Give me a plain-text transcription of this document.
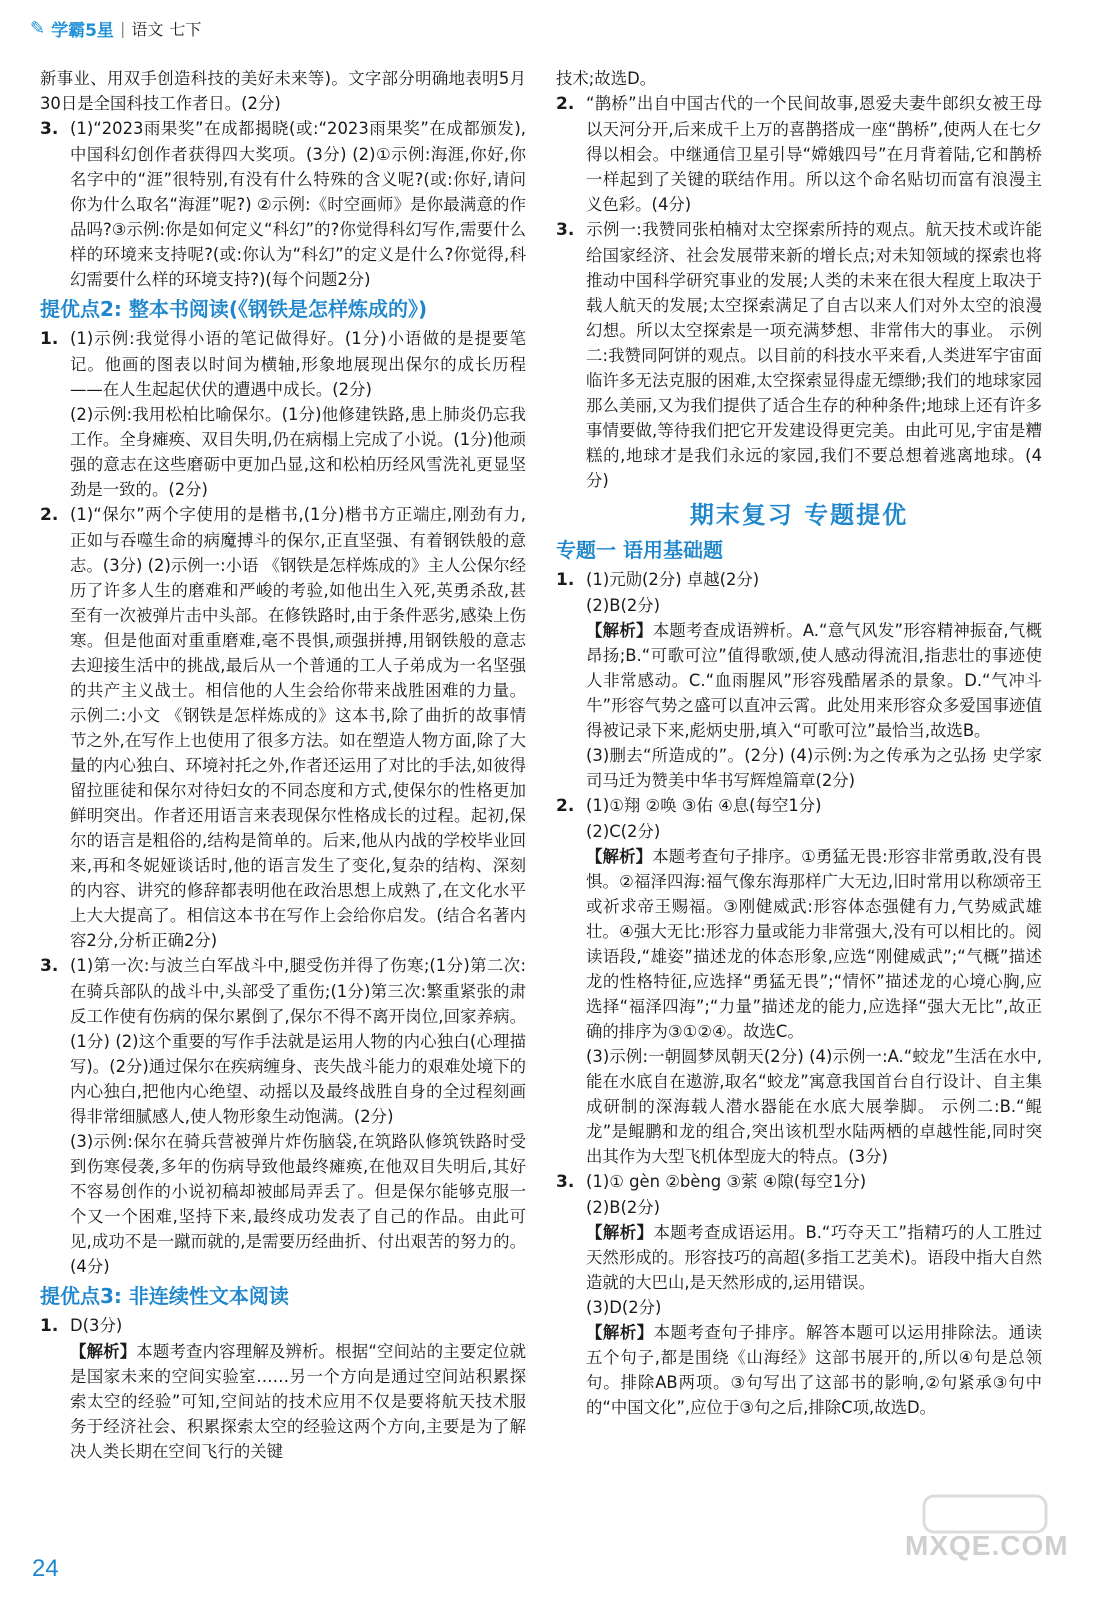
✎ 学霸5星 | 语文 七下

新事业、用双手创造科技的美好未来等)。文字部分明确地表明5月30日是全国科技工作者日。(2分)

3. (1)“2023雨果奖”在成都揭晓(或:“2023雨果奖”在成都颁发),中国科幻创作者获得四大奖项。(3分) (2)①示例:海涯,你好,你名字中的“涯”很特别,有没有什么特殊的含义呢?(或:你好,请问你为什么取名“海涯”呢?) ②示例:《时空画师》是你最满意的作品吗?③示例:你是如何定义“科幻”的?你觉得科幻写作,需要什么样的环境来支持呢?(或:你认为“科幻”的定义是什么?你觉得,科幻需要什么样的环境支持?)(每个问题2分)

提优点2: 整本书阅读(《钢铁是怎样炼成的》)

1. (1)示例:我觉得小语的笔记做得好。(1分)小语做的是提要笔记。他画的图表以时间为横轴,形象地展现出保尔的成长历程——在人生起起伏伏的遭遇中成长。(2分)

(2)示例:我用松柏比喻保尔。(1分)他修建铁路,患上肺炎仍忘我工作。全身瘫痪、双目失明,仍在病榻上完成了小说。(1分)他顽强的意志在这些磨砺中更加凸显,这和松柏历经风雪洗礼更显坚劲是一致的。(2分)

2. (1)“保尔”两个字使用的是楷书,(1分)楷书方正端庄,刚劲有力,正如与吞噬生命的病魔搏斗的保尔,正直坚强、有着钢铁般的意志。(3分) (2)示例一:小语 《钢铁是怎样炼成的》主人公保尔经历了许多人生的磨难和严峻的考验,如他出生入死,英勇杀敌,甚至有一次被弹片击中头部。在修铁路时,由于条件恶劣,感染上伤寒。但是他面对重重磨难,毫不畏惧,顽强拼搏,用钢铁般的意志去迎接生活中的挑战,最后从一个普通的工人子弟成为一名坚强的共产主义战士。相信他的人生会给你带来战胜困难的力量。 示例二:小文 《钢铁是怎样炼成的》这本书,除了曲折的故事情节之外,在写作上也使用了很多方法。如在塑造人物方面,除了大量的内心独白、环境衬托之外,作者还运用了对比的手法,如彼得留拉匪徒和保尔对待妇女的不同态度和方式,使保尔的性格更加鲜明突出。作者还用语言来表现保尔性格成长的过程。起初,保尔的语言是粗俗的,结构是简单的。后来,他从内战的学校毕业回来,再和冬妮娅谈话时,他的语言发生了变化,复杂的结构、深刻的内容、讲究的修辞都表明他在政治思想上成熟了,在文化水平上大大提高了。相信这本书在写作上会给你启发。(结合名著内容2分,分析正确2分)

3. (1)第一次:与波兰白军战斗中,腿受伤并得了伤寒;(1分)第二次:在骑兵部队的战斗中,头部受了重伤;(1分)第三次:繁重紧张的肃反工作使有伤病的保尔累倒了,保尔不得不离开岗位,回家养病。(1分) (2)这个重要的写作手法就是运用人物的内心独白(心理描写)。(2分)通过保尔在疾病缠身、丧失战斗能力的艰难处境下的内心独白,把他内心绝望、动摇以及最终战胜自身的全过程刻画得非常细腻感人,使人物形象生动饱满。(2分)

(3)示例:保尔在骑兵营被弹片炸伤脑袋,在筑路队修筑铁路时受到伤寒侵袭,多年的伤病导致他最终瘫痪,在他双目失明后,其好不容易创作的小说初稿却被邮局弄丢了。但是保尔能够克服一个又一个困难,坚持下来,最终成功发表了自己的作品。由此可见,成功不是一蹴而就的,是需要历经曲折、付出艰苦的努力的。(4分)

提优点3: 非连续性文本阅读

1. D(3分)

【解析】本题考查内容理解及辨析。根据“空间站的主要定位就是国家未来的空间实验室……另一个方向是通过空间站积累探索太空的经验”可知,空间站的技术应用不仅是要将航天技术服务于经济社会、积累探索太空的经验这两个方向,主要是为了解决人类长期在空间飞行的关键

技术;故选D。

2. “鹊桥”出自中国古代的一个民间故事,恩爱夫妻牛郎织女被王母以天河分开,后来成千上万的喜鹊搭成一座“鹊桥”,使两人在七夕得以相会。中继通信卫星引导“嫦娥四号”在月背着陆,它和鹊桥一样起到了关键的联结作用。所以这个命名贴切而富有浪漫主义色彩。(4分)

3. 示例一:我赞同张柏楠对太空探索所持的观点。航天技术或许能给国家经济、社会发展带来新的增长点;对未知领域的探索也将推动中国科学研究事业的发展;人类的未来在很大程度上取决于载人航天的发展;太空探索满足了自古以来人们对外太空的浪漫幻想。所以太空探索是一项充满梦想、非常伟大的事业。 示例二:我赞同阿饼的观点。以目前的科技水平来看,人类进军宇宙面临许多无法克服的困难,太空探索显得虚无缥缈;我们的地球家园那么美丽,又为我们提供了适合生存的种种条件;地球上还有许多事情要做,等待我们把它开发建设得更完美。由此可见,宇宙是糟糕的,地球才是我们永远的家园,我们不要总想着逃离地球。(4分)

期末复习 专题提优

专题一 语用基础题

1. (1)元勋(2分) 卓越(2分)

(2)B(2分)

【解析】本题考查成语辨析。A.“意气风发”形容精神振奋,气概昂扬;B.“可歌可泣”值得歌颂,使人感动得流泪,指悲壮的事迹使人非常感动。C.“血雨腥风”形容残酷屠杀的景象。D.“气冲斗牛”形容气势之盛可以直冲云霄。此处用来形容众多爱国事迹值得被记录下来,彪炳史册,填入“可歌可泣”最恰当,故选B。

(3)删去“所造成的”。(2分) (4)示例:为之传承为之弘扬 史学家司马迁为赞美中华书写辉煌篇章(2分)

2. (1)①翔 ②唤 ③佑 ④息(每空1分)

(2)C(2分)

【解析】本题考查句子排序。①勇猛无畏:形容非常勇敢,没有畏惧。②福泽四海:福气像东海那样广大无边,旧时常用以称颂帝王或祈求帝王赐福。③刚健威武:形容体态强健有力,气势威武雄壮。④强大无比:形容力量或能力非常强大,没有可以相比的。阅读语段,“雄姿”描述龙的体态形象,应选“刚健威武”;“气概”描述龙的性格特征,应选择“勇猛无畏”;“情怀”描述龙的心境心胸,应选择“福泽四海”;“力量”描述龙的能力,应选择“强大无比”,故正确的排序为③①②④。故选C。

(3)示例:一朝圆梦凤朝天(2分) (4)示例一:A.“蛟龙”生活在水中,能在水底自在遨游,取名“蛟龙”寓意我国首台自行设计、自主集成研制的深海载人潜水器能在水底大展拳脚。 示例二:B.“鲲龙”是鲲鹏和龙的组合,突出该机型水陆两栖的卓越性能,同时突出其作为大型飞机体型庞大的特点。(3分)

3. (1)① gèn ②bèng ③萦 ④隙(每空1分)

(2)B(2分)

【解析】本题考查成语运用。B.“巧夺天工”指精巧的人工胜过天然形成的。形容技巧的高超(多指工艺美术)。语段中指大自然造就的大巴山,是天然形成的,运用错误。

(3)D(2分)

【解析】本题考查句子排序。解答本题可以运用排除法。通读五个句子,都是围绕《山海经》这部书展开的,所以④句是总领句。排除AB两项。③句写出了这部书的影响,②句紧承③句中的“中国文化”,应位于③句之后,排除C项,故选D。

24
MXQE.COM
